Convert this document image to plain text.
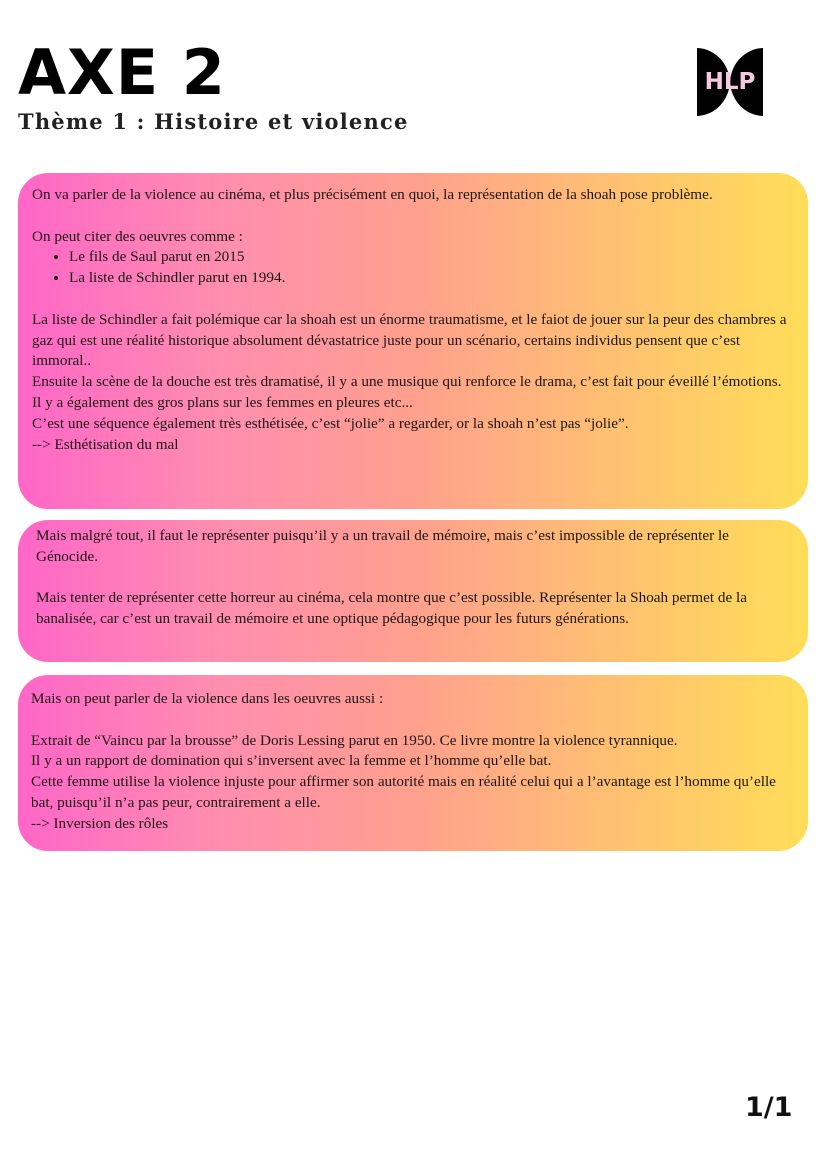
AXE 2
Thème 1 : Histoire et violence
HLP

On va parler de la violence au cinéma, et plus précisément en quoi, la représentation de la shoah pose problème.

On peut citer des oeuvres comme :

• Le fils de Saul parut en 2015
• La liste de Schindler parut en 1994.

La liste de Schindler a fait polémique car la shoah est un énorme traumatisme, et le faiot de jouer sur la peur des chambres a gaz qui est une réalité historique absolument dévastatrice juste pour un scénario, certains individus pensent que c’est immoral..

Ensuite la scène de la douche est très dramatisé, il y a une musique qui renforce le drama, c’est fait pour éveillé l’émotions.

Il y a également des gros plans sur les femmes en pleures etc...

C’est une séquence également très esthétisée, c’est “jolie” a regarder, or la shoah n’est pas “jolie”.

--> Esthétisation du mal

Mais malgré tout, il faut le représenter puisqu’il y a un travail de mémoire, mais c’est impossible de représenter le Génocide.

Mais tenter de représenter cette horreur au cinéma, cela montre que c’est possible. Représenter la Shoah permet de la banalisée, car c’est un travail de mémoire et une optique pédagogique pour les futurs générations.

Mais on peut parler de la violence dans les oeuvres aussi :

Extrait de “Vaincu par la brousse” de Doris Lessing parut en 1950. Ce livre montre la violence tyrannique.

Il y a un rapport de domination qui s’inversent avec la femme et l’homme qu’elle bat.

Cette femme utilise la violence injuste pour affirmer son autorité mais en réalité celui qui a l’avantage est l’homme qu’elle bat, puisqu’il n’a pas peur, contrairement a elle.

--> Inversion des rôles

1/1
